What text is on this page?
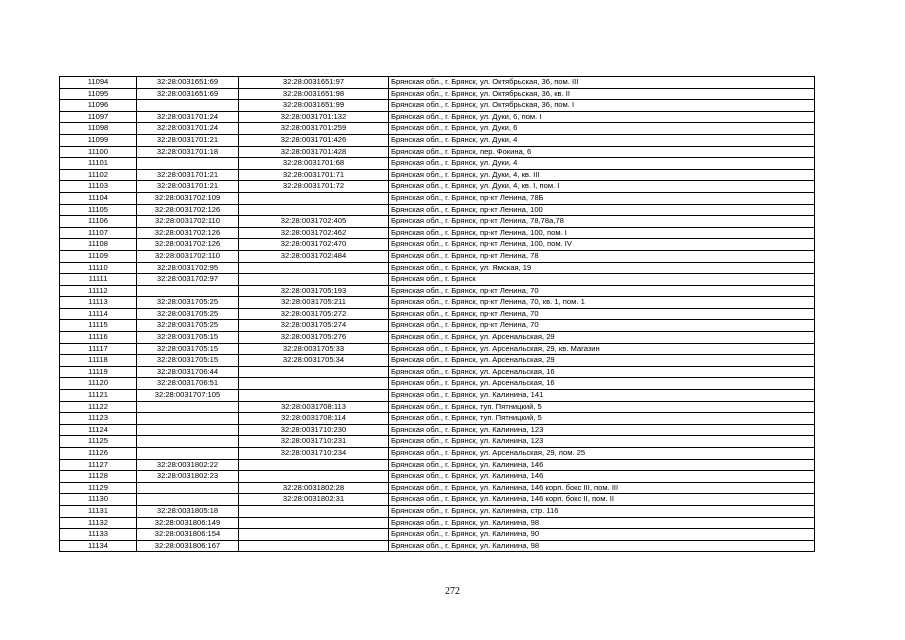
11094	32:28:0031651:69	32:28:0031651:97	Брянская обл., г. Брянск, ул. Октябрьская, 36, пом. III
11095	32:28:0031651:69	32:28:0031651:98	Брянская обл., г. Брянск, ул. Октябрьская, 36, кв. II
11096		32:28:0031651:99	Брянская обл., г. Брянск, ул. Октябрьская, 36, пом. I
11097	32:28:0031701:24	32:28:0031701:132	Брянская обл., г. Брянск, ул. Дуки, 6, пом. I
11098	32:28:0031701:24	32:28:0031701:259	Брянская обл., г. Брянск, ул. Дуки, 6
11099	32:28:0031701:21	32:28:0031701:426	Брянская обл., г. Брянск, ул. Дуки, 4
11100	32:28:0031701:18	32:28:0031701:428	Брянская обл., г. Брянск, пер. Фокина, 6
11101		32:28:0031701:68	Брянская обл., г. Брянск, ул. Дуки, 4
11102	32:28:0031701:21	32:28:0031701:71	Брянская обл., г. Брянск, ул. Дуки, 4, кв. III
11103	32:28:0031701:21	32:28:0031701:72	Брянская обл., г. Брянск, ул. Дуки, 4, кв. I, пом. I
11104	32:28:0031702:109		Брянская обл., г. Брянск, пр-кт Ленина, 78Б
11105	32:28:0031702:126		Брянская обл., г. Брянск, пр-кт Ленина, 100
11106	32:28:0031702:110	32:28:0031702:405	Брянская обл., г. Брянск, пр-кт Ленина, 78,78а,78
11107	32:28:0031702:126	32:28:0031702:462	Брянская обл., г. Брянск, пр-кт Ленина, 100, пом. I
11108	32:28:0031702:126	32:28:0031702:470	Брянская обл., г. Брянск, пр-кт Ленина, 100, пом. IV
11109	32:28:0031702:110	32:28:0031702:484	Брянская обл., г. Брянск, пр-кт Ленина, 78
11110	32:28:0031702:95		Брянская обл., г. Брянск, ул. Ямская, 19
11111	32:28:0031702:97		Брянская обл., г. Брянск
11112		32:28:0031705:193	Брянская обл., г. Брянск, пр-кт Ленина, 70
11113	32:28:0031705:25	32:28:0031705:211	Брянская обл., г. Брянск, пр-кт Ленина, 70, кв. 1, пом. 1
11114	32:28:0031705:25	32:28:0031705:272	Брянская обл., г. Брянск, пр-кт Ленина, 70
11115	32:28:0031705:25	32:28:0031705:274	Брянская обл., г. Брянск, пр-кт Ленина, 70
11116	32:28:0031705:15	32:28:0031705:276	Брянская обл., г. Брянск, ул. Арсенальская, 29
11117	32:28:0031705:15	32:28:0031705:33	Брянская обл., г. Брянск, ул. Арсенальская, 29, кв. Магазин
11118	32:28:0031705:15	32:28:0031705:34	Брянская обл., г. Брянск, ул. Арсенальская, 29
11119	32:28:0031706:44		Брянская обл., г. Брянск, ул. Арсенальская, 16
11120	32:28:0031706:51		Брянская обл., г. Брянск, ул. Арсенальская, 16
11121	32:28:0031707:105		Брянская обл., г. Брянск, ул. Калинина, 141
11122		32:28:0031708:113	Брянская обл., г. Брянск, туп. Пятницкий, 5
11123		32:28:0031708:114	Брянская обл., г. Брянск, туп. Пятницкий, 5
11124		32:28:0031710:230	Брянская обл., г. Брянск, ул. Калинина, 123
11125		32:28:0031710:231	Брянская обл., г. Брянск, ул. Калинина, 123
11126		32:28:0031710:234	Брянская обл., г. Брянск, ул. Арсенальская, 29, пом. 25
11127	32:28:0031802:22		Брянская обл., г. Брянск, ул. Калинина, 146
11128	32:28:0031802:23		Брянская обл., г. Брянск, ул. Калинина, 146
11129		32:28:0031802:28	Брянская обл., г. Брянск, ул. Калинина, 146 корп. бокс III, пом. III
11130		32:28:0031802:31	Брянская обл., г. Брянск, ул. Калинина, 146 корп. бокс II, пом. II
11131	32:28:0031805:18		Брянская обл., г. Брянск, ул. Калинина, стр. 116
11132	32:28:0031806:149		Брянская обл., г. Брянск, ул. Калинина, 98
11133	32:28:0031806:154		Брянская обл., г. Брянск, ул. Калинина, 90
11134	32:28:0031806:167		Брянская обл., г. Брянск, ул. Калинина, 98
272
